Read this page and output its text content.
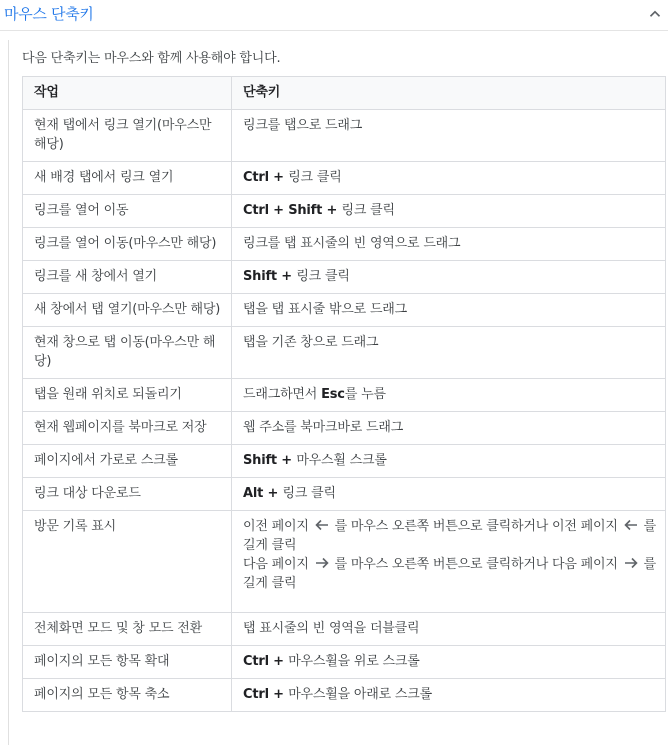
마우스 단축키
다음 단축키는 마우스와 함께 사용해야 합니다.
작업	단축키
현재 탭에서 링크 열기(마우스만 해당)	링크를 탭으로 드래그
새 배경 탭에서 링크 열기	Ctrl + 링크 클릭
링크를 열어 이동	Ctrl + Shift + 링크 클릭
링크를 열어 이동(마우스만 해당)	링크를 탭 표시줄의 빈 영역으로 드래그
링크를 새 창에서 열기	Shift + 링크 클릭
새 창에서 탭 열기(마우스만 해당)	탭을 탭 표시줄 밖으로 드래그
현재 창으로 탭 이동(마우스만 해당)	탭을 기존 창으로 드래그
탭을 원래 위치로 되돌리기	드래그하면서 Esc를 누름
현재 웹페이지를 북마크로 저장	웹 주소를 북마크바로 드래그
페이지에서 가로로 스크롤	Shift + 마우스휠 스크롤
링크 대상 다운로드	Alt + 링크 클릭
방문 기록 표시	이전 페이지  를 마우스 오른쪽 버튼으로 클릭하거나 이전 페이지  를 길게 클릭
다음 페이지  를 마우스 오른쪽 버튼으로 클릭하거나 다음 페이지  를 길게 클릭

전체화면 모드 및 창 모드 전환	탭 표시줄의 빈 영역을 더블클릭
페이지의 모든 항목 확대	Ctrl + 마우스휠을 위로 스크롤
페이지의 모든 항목 축소	Ctrl + 마우스휠을 아래로 스크롤
